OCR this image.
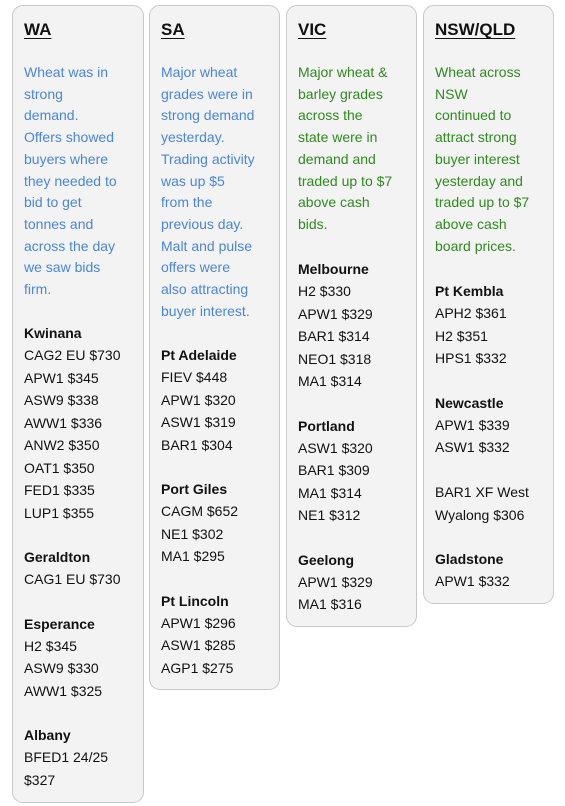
WA
Wheat was in
strong
demand.
Offers showed
buyers where
they needed to
bid to get
tonnes and
across the day
we saw bids
firm.
Kwinana
CAG2 EU $730
APW1 $345
ASW9 $338
AWW1 $336
ANW2 $350
OAT1 $350
FED1 $335
LUP1 $355
Geraldton
CAG1 EU $730
Esperance
H2 $345
ASW9 $330
AWW1 $325
Albany
BFED1 24/25
$327
SA
Major wheat
grades were in
strong demand
yesterday.
Trading activity
was up $5
from the
previous day.
Malt and pulse
offers were
also attracting
buyer interest.
Pt Adelaide
FIEV $448
APW1 $320
ASW1 $319
BAR1 $304
Port Giles
CAGM $652
NE1 $302
MA1 $295
Pt Lincoln
APW1 $296
ASW1 $285
AGP1 $275
VIC
Major wheat &
barley grades
across the
state were in
demand and
traded up to $7
above cash
bids.
Melbourne
H2 $330
APW1 $329
BAR1 $314
NEO1 $318
MA1 $314
Portland
ASW1 $320
BAR1 $309
MA1 $314
NE1 $312
Geelong
APW1 $329
MA1 $316
NSW/QLD
Wheat across
NSW
continued to
attract strong
buyer interest
yesterday and
traded up to $7
above cash
board prices.
Pt Kembla
APH2 $361
H2 $351
HPS1 $332
Newcastle
APW1 $339
ASW1 $332
BAR1 XF West
Wyalong $306
Gladstone
APW1 $332
